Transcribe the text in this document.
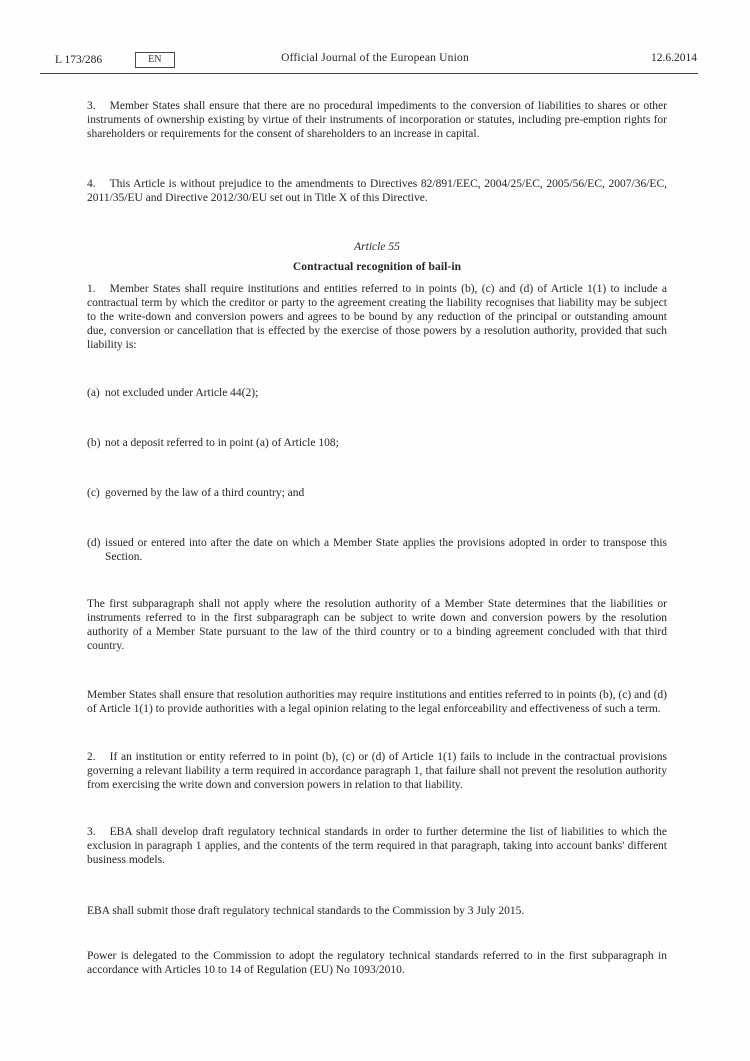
Official Journal of the European Union
L 173/286	EN	12.6.2014

3. Member States shall ensure that there are no procedural impediments to the conversion of liabilities to shares or other instruments of ownership existing by virtue of their instruments of incorporation or statutes, including pre-emption rights for shareholders or requirements for the consent of shareholders to an increase in capital.

4. This Article is without prejudice to the amendments to Directives 82/891/EEC, 2004/25/EC, 2005/56/EC, 2007/36/EC, 2011/35/EU and Directive 2012/30/EU set out in Title X of this Directive.

Article 55
Contractual recognition of bail-in

1. Member States shall require institutions and entities referred to in points (b), (c) and (d) of Article 1(1) to include a contractual term by which the creditor or party to the agreement creating the liability recognises that liability may be subject to the write-down and conversion powers and agrees to be bound by any reduction of the principal or outstanding amount due, conversion or cancellation that is effected by the exercise of those powers by a resolution authority, provided that such liability is:

(a) not excluded under Article 44(2);
(b) not a deposit referred to in point (a) of Article 108;
(c) governed by the law of a third country; and
(d) issued or entered into after the date on which a Member State applies the provisions adopted in order to transpose this Section.

The first subparagraph shall not apply where the resolution authority of a Member State determines that the liabilities or instruments referred to in the first subparagraph can be subject to write down and conversion powers by the resolution authority of a Member State pursuant to the law of the third country or to a binding agreement concluded with that third country.

Member States shall ensure that resolution authorities may require institutions and entities referred to in points (b), (c) and (d) of Article 1(1) to provide authorities with a legal opinion relating to the legal enforceability and effectiveness of such a term.

2. If an institution or entity referred to in point (b), (c) or (d) of Article 1(1) fails to include in the contractual provisions governing a relevant liability a term required in accordance paragraph 1, that failure shall not prevent the resolution authority from exercising the write down and conversion powers in relation to that liability.

3. EBA shall develop draft regulatory technical standards in order to further determine the list of liabilities to which the exclusion in paragraph 1 applies, and the contents of the term required in that paragraph, taking into account banks' different business models.

EBA shall submit those draft regulatory technical standards to the Commission by 3 July 2015.

Power is delegated to the Commission to adopt the regulatory technical standards referred to in the first subparagraph in accordance with Articles 10 to 14 of Regulation (EU) No 1093/2010.
